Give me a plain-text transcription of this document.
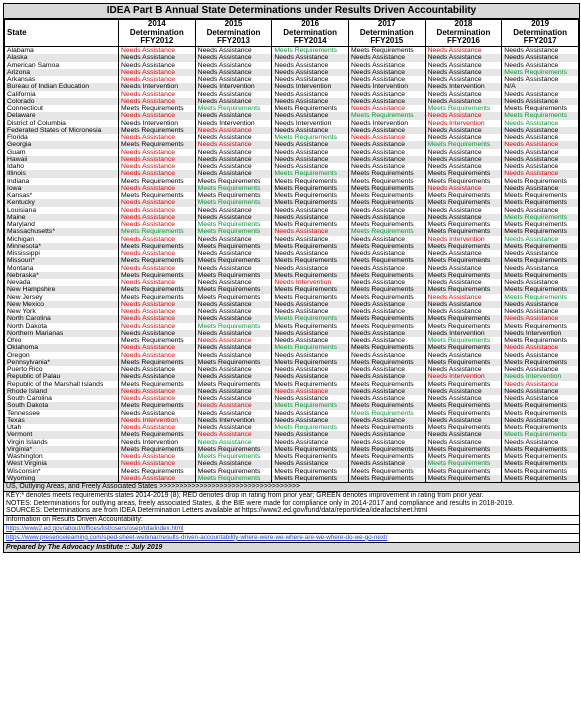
IDEA Part B Annual State Determinations under Results Driven Accountability
State	2014
Determination
FFY2012	2015
Determination
FFY2013	2016
Determination
FFY2014	2017
Determination
FFY2015	2018
Determination
FFY2016	2019
Determination
FFY2017
Alabama	Needs Assistance	Needs Assistance	Meets Requirements	Meets Requirements	Needs Assistance	Needs Assistance
Alaska	Needs Assistance	Needs Assistance	Needs Assistance	Needs Assistance	Needs Assistance	Needs Assistance
American Samoa	Needs Assistance	Needs Assistance	Needs Assistance	Needs Assistance	Needs Assistance	Needs Assistance
Arizona	Needs Assistance	Needs Assistance	Needs Assistance	Needs Assistance	Needs Assistance	Meets Requirements
Arkansas	Needs Assistance	Needs Assistance	Needs Assistance	Needs Assistance	Needs Assistance	Needs Assistance
Bureau of Indian Education	Needs Intervention	Needs Intervention	Needs Intervention	Needs Intervention	Needs Intervention	N/A
California	Needs Assistance	Needs Assistance	Needs Assistance	Needs Assistance	Needs Assistance	Needs Assistance
Colorado	Needs Assistance	Needs Assistance	Needs Assistance	Needs Assistance	Needs Assistance	Needs Assistance
Connecticut	Meets Requirements	Meets Requirements	Meets Requirements	Needs Assistance	Meets Requirements	Meets Requirements
Delaware	Needs Assistance	Needs Assistance	Needs Assistance	Meets Requirements	Needs Assistance	Meets Requirements
District of Columbia	Needs Intervention	Needs Intervention	Needs Intervention	Needs Intervention	Needs Intervention	Needs Assistance
Federated States of Micronesia	Meets Requirements	Needs Assistance	Needs Assistance	Needs Assistance	Needs Assistance	Needs Assistance
Florida	Needs Assistance	Needs Assistance	Meets Requirements	Needs Assistance	Needs Assistance	Needs Assistance
Georgia	Meets Requirements	Needs Assistance	Needs Assistance	Needs Assistance	Meets Requirements	Needs Assistance
Guam	Needs Assistance	Needs Assistance	Needs Assistance	Needs Assistance	Needs Assistance	Needs Assistance
Hawaii	Needs Assistance	Needs Assistance	Needs Assistance	Needs Assistance	Needs Assistance	Needs Assistance
Idaho	Needs Assistance	Needs Assistance	Needs Assistance	Needs Assistance	Needs Assistance	Needs Assistance
Illinois	Needs Assistance	Needs Assistance	Meets Requirements	Meets Requirements	Meets Requirements	Needs Assistance
Indiana	Meets Requirements	Meets Requirements	Meets Requirements	Meets Requirements	Meets Requirements	Meets Requirements
Iowa	Needs Assistance	Meets Requirements	Meets Requirements	Meets Requirements	Needs Assistance	Needs Assistance
Kansas*	Meets Requirements	Meets Requirements	Meets Requirements	Meets Requirements	Meets Requirements	Meets Requirements
Kentucky	Needs Assistance	Meets Requirements	Meets Requirements	Meets Requirements	Meets Requirements	Meets Requirements
Louisiana	Needs Assistance	Needs Assistance	Needs Assistance	Needs Assistance	Needs Assistance	Needs Assistance
Maine	Needs Assistance	Needs Assistance	Needs Assistance	Needs Assistance	Needs Assistance	Meets Requirements
Maryland	Needs Assistance	Meets Requirements	Meets Requirements	Meets Requirements	Meets Requirements	Meets Requirements
Massachusetts*	Meets Requirements	Meets Requirements	Needs Assistance	Meets Requirements	Meets Requirements	Meets Requirements
Michigan	Needs Assistance	Needs Assistance	Needs Assistance	Needs Assistance	Needs Intervention	Needs Assistance
Minnesota*	Meets Requirements	Meets Requirements	Meets Requirements	Meets Requirements	Meets Requirements	Meets Requirements
Mississippi	Needs Assistance	Needs Assistance	Needs Assistance	Needs Assistance	Needs Assistance	Needs Assistance
Missouri*	Meets Requirements	Meets Requirements	Meets Requirements	Meets Requirements	Meets Requirements	Meets Requirements
Montana	Needs Assistance	Needs Assistance	Needs Assistance	Needs Assistance	Needs Assistance	Needs Assistance
Nebraska*	Meets Requirements	Meets Requirements	Meets Requirements	Meets Requirements	Meets Requirements	Meets Requirements
Nevada	Needs Assistance	Needs Assistance	Needs Intervention	Needs Assistance	Needs Assistance	Needs Assistance
New Hampshire	Meets Requirements	Meets Requirements	Meets Requirements	Meets Requirements	Meets Requirements	Meets Requirements
New Jersey	Meets Requirements	Meets Requirements	Meets Requirements	Meets Requirements	Needs Assistance	Meets Requirements
New Mexico	Needs Assistance	Needs Assistance	Needs Assistance	Needs Assistance	Needs Assistance	Needs Assistance
New York	Needs Assistance	Needs Assistance	Needs Assistance	Needs Assistance	Needs Assistance	Needs Assistance
North Carolina	Needs Assistance	Needs Assistance	Meets Requirements	Meets Requirements	Meets Requirements	Needs Assistance
North Dakota	Needs Assistance	Meets Requirements	Meets Requirements	Meets Requirements	Meets Requirements	Meets Requirements
Northern Marianas	Needs Assistance	Needs Assistance	Needs Assistance	Needs Assistance	Needs Intervention	Needs Intervention
Ohio	Meets Requirements	Needs Assistance	Needs Assistance	Needs Assistance	Meets Requirements	Meets Requirements
Oklahoma	Needs Assistance	Needs Assistance	Meets Requirements	Meets Requirements	Meets Requirements	Needs Assistance
Oregon	Needs Assistance	Needs Assistance	Needs Assistance	Needs Assistance	Needs Assistance	Needs Assistance
Pennsylvania*	Meets Requirements	Meets Requirements	Meets Requirements	Meets Requirements	Meets Requirements	Meets Requirements
Puerto Rico	Needs Assistance	Needs Assistance	Needs Assistance	Needs Assistance	Needs Assistance	Needs Assistance
Republic of Palau	Needs Assistance	Needs Assistance	Needs Assistance	Needs Assistance	Needs Intervention	Needs Intervention
Republic of the Marshall Islands	Meets Requirements	Meets Requirements	Meets Requirements	Meets Requirements	Meets Requirements	Needs Assistance
Rhode Island	Needs Assistance	Needs Assistance	Needs Assistance	Needs Assistance	Needs Assistance	Needs Assistance
South Carolina	Needs Assistance	Needs Assistance	Needs Assistance	Needs Assistance	Needs Assistance	Needs Assistance
South Dakota	Meets Requirements	Needs Assistance	Meets Requirements	Meets Requirements	Meets Requirements	Meets Requirements
Tennessee	Needs Assistance	Needs Assistance	Needs Assistance	Meets Requirements	Meets Requirements	Meets Requirements
Texas	Needs Intervention	Needs Intervention	Needs Assistance	Needs Assistance	Needs Assistance	Needs Assistance
Utah	Needs Assistance	Needs Assistance	Meets Requirements	Meets Requirements	Meets Requirements	Meets Requirements
Vermont	Meets Requirements	Needs Assistance	Needs Assistance	Needs Assistance	Needs Assistance	Meets Requirements
Virgin Islands	Needs Intervention	Needs Assistance	Needs Assistance	Needs Assistance	Needs Assistance	Needs Assistance
Virginia*	Meets Requirements	Meets Requirements	Meets Requirements	Meets Requirements	Meets Requirements	Meets Requirements
Washington	Needs Assistance	Meets Requirements	Meets Requirements	Meets Requirements	Meets Requirements	Meets Requirements
West Virginia	Needs Assistance	Needs Assistance	Needs Assistance	Needs Assistance	Meets Requirements	Meets Requirements
Wisconsin*	Meets Requirements	Meets Requirements	Meets Requirements	Meets Requirements	Meets Requirements	Meets Requirements
Wyoming	Needs Assistance	Meets Requirements	Meets Requirements	Meets Requirements	Meets Requirements	Meets Requirements
US, Outlying Areas, and Freely Associated States >>>>>>>>>>>>>>>>>>>>>>>>>>>>>>>>>>>
KEY:* denotes meets requirements states 2014-2019 (8); RED denotes drop in rating from prior year; GREEN denotes improvement in rating from prior year.
NOTES: Determinations for outlying areas, freely associated States, & the BIE were made for compliance only in 2014-2017 and compliance and results in 2018-2019.
SOURCES: Determinations are from IDEA Determination Letters available at https://www2.ed.gov/fund/data/report/idea/ideafactsheet.html
Information on Results Driven Accountability:
https://www2.ed.gov/about/offices/list/osers/osep/rda/index.html
https://www.presenceleaming.com/sped-sheet-webinar/results-driven-accountability-where-were-we-where-are-we-where-do-we-go-next/
Prepared by The Advocacy Institute :: July 2019
